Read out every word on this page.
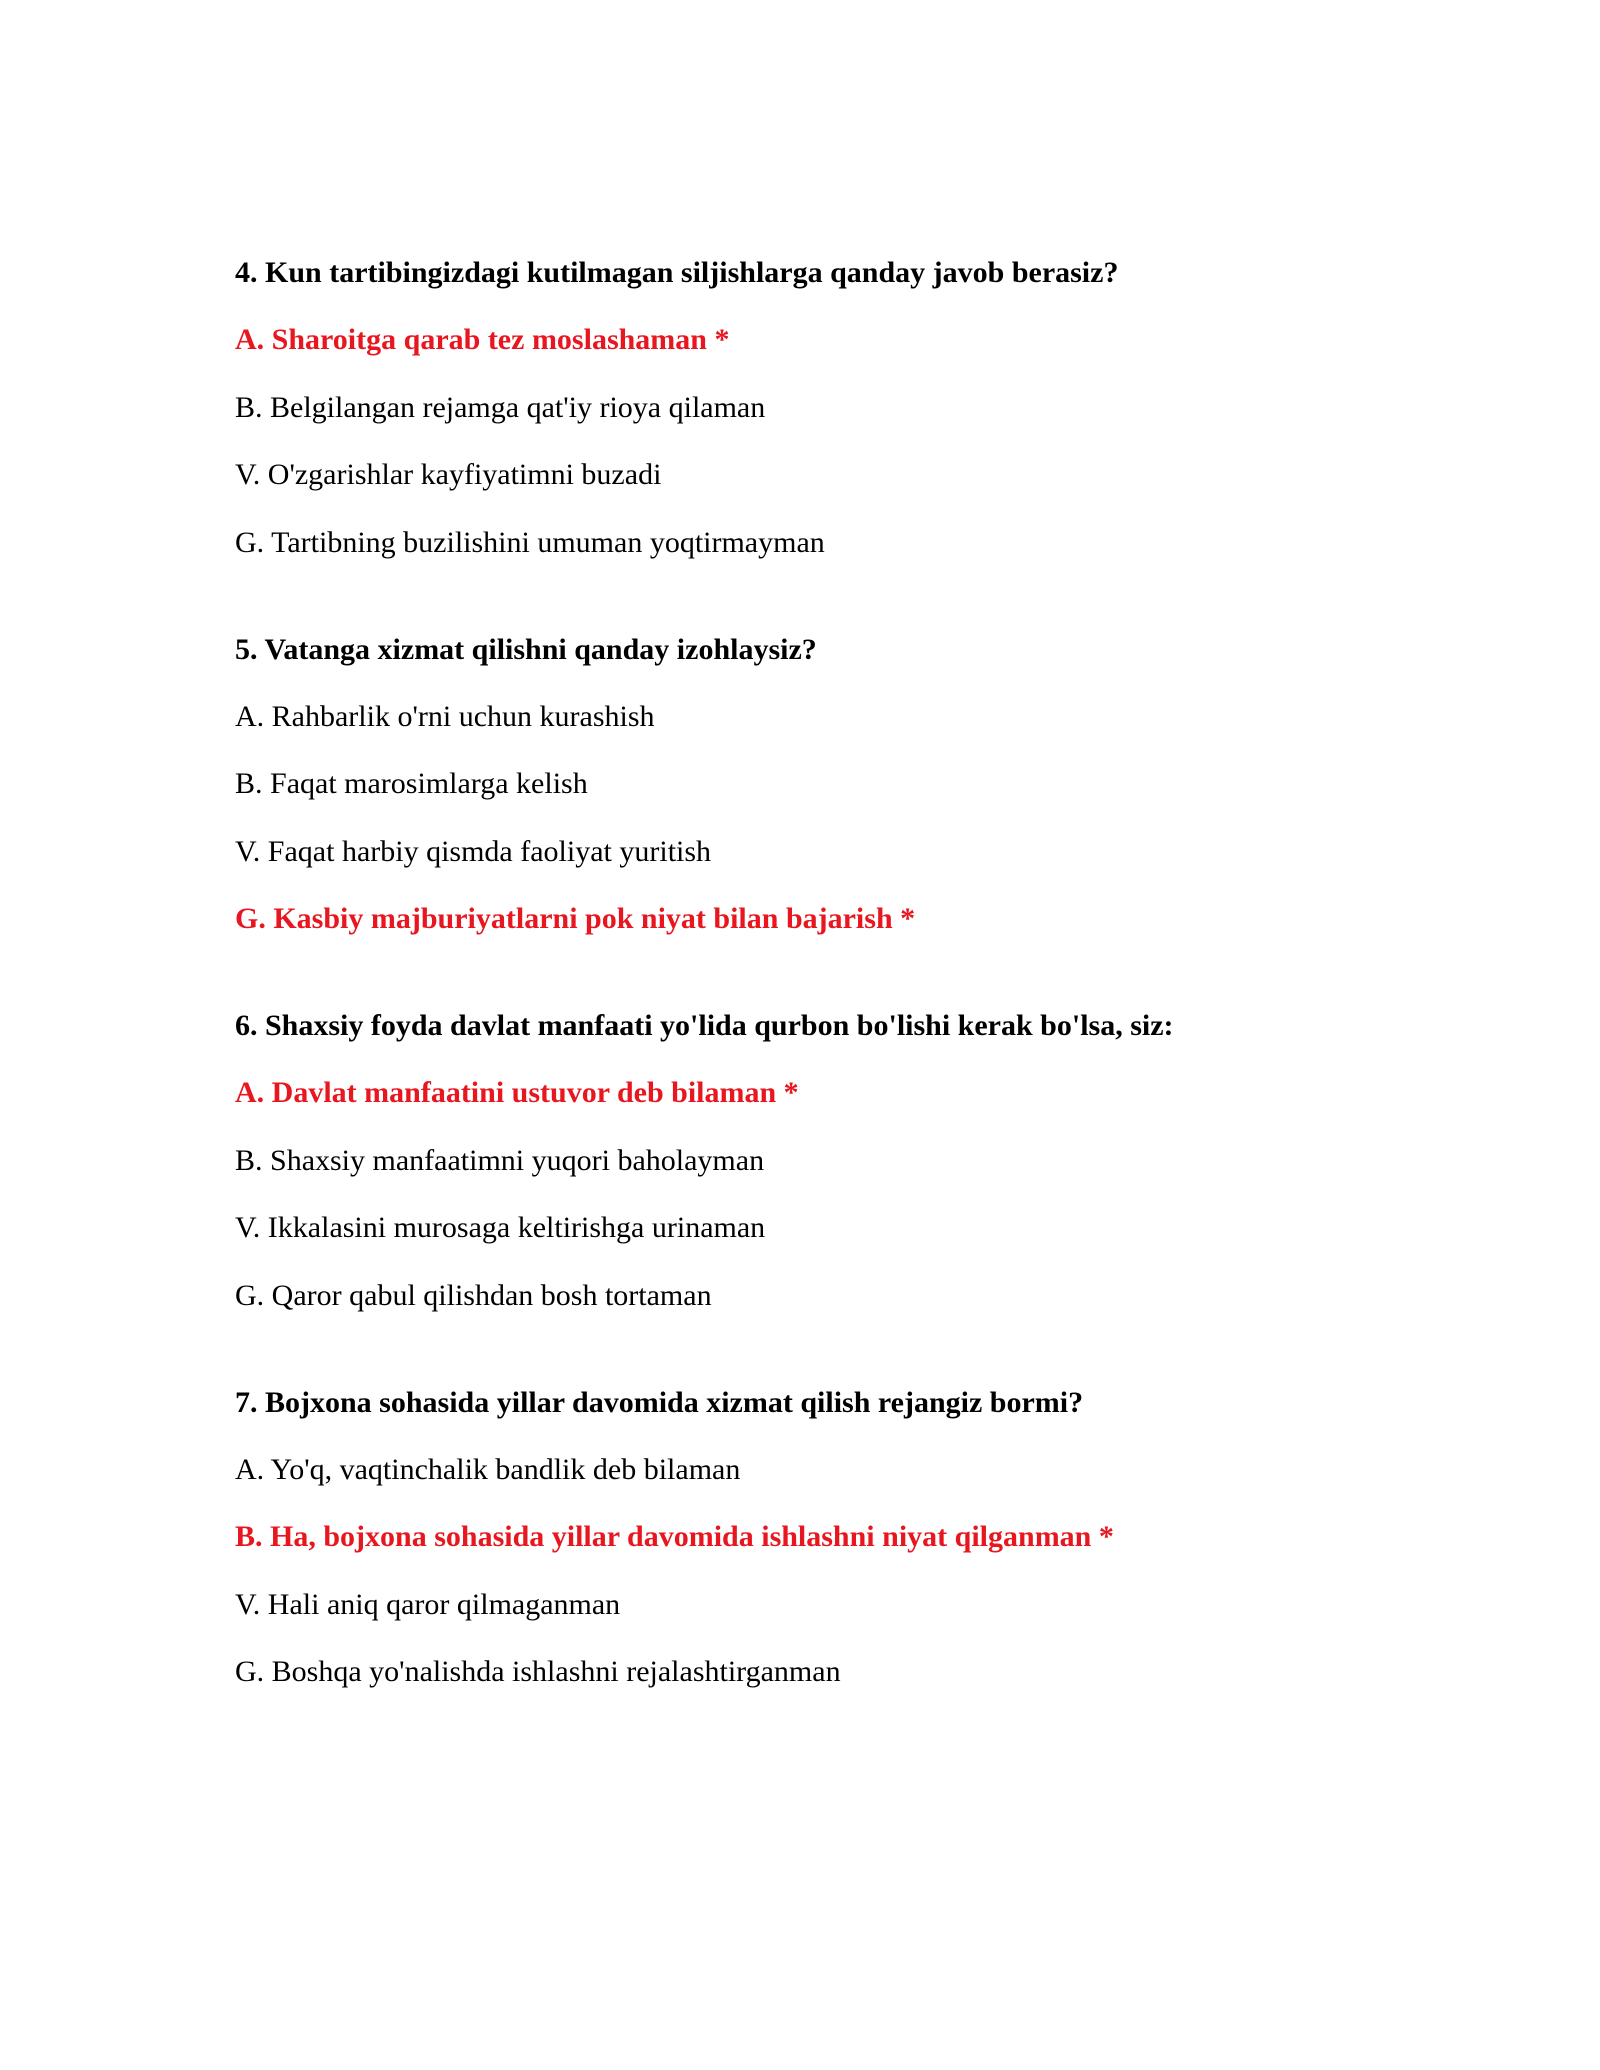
4. Kun tartibingizdagi kutilmagan siljishlarga qanday javob berasiz?
A. Sharoitga qarab tez moslashaman *
B. Belgilangan rejamga qat'iy rioya qilaman
V. O'zgarishlar kayfiyatimni buzadi
G. Tartibning buzilishini umuman yoqtirmayman
5. Vatanga xizmat qilishni qanday izohlaysiz?
A. Rahbarlik o'rni uchun kurashish
B. Faqat marosimlarga kelish
V. Faqat harbiy qismda faoliyat yuritish
G. Kasbiy majburiyatlarni pok niyat bilan bajarish *
6. Shaxsiy foyda davlat manfaati yo'lida qurbon bo'lishi kerak bo'lsa, siz:
A. Davlat manfaatini ustuvor deb bilaman *
B. Shaxsiy manfaatimni yuqori baholayman
V. Ikkalasini murosaga keltirishga urinaman
G. Qaror qabul qilishdan bosh tortaman
7. Bojxona sohasida yillar davomida xizmat qilish rejangiz bormi?
A. Yo'q, vaqtinchalik bandlik deb bilaman
B. Ha, bojxona sohasida yillar davomida ishlashni niyat qilganman *
V. Hali aniq qaror qilmaganman
G. Boshqa yo'nalishda ishlashni rejalashtirganman
